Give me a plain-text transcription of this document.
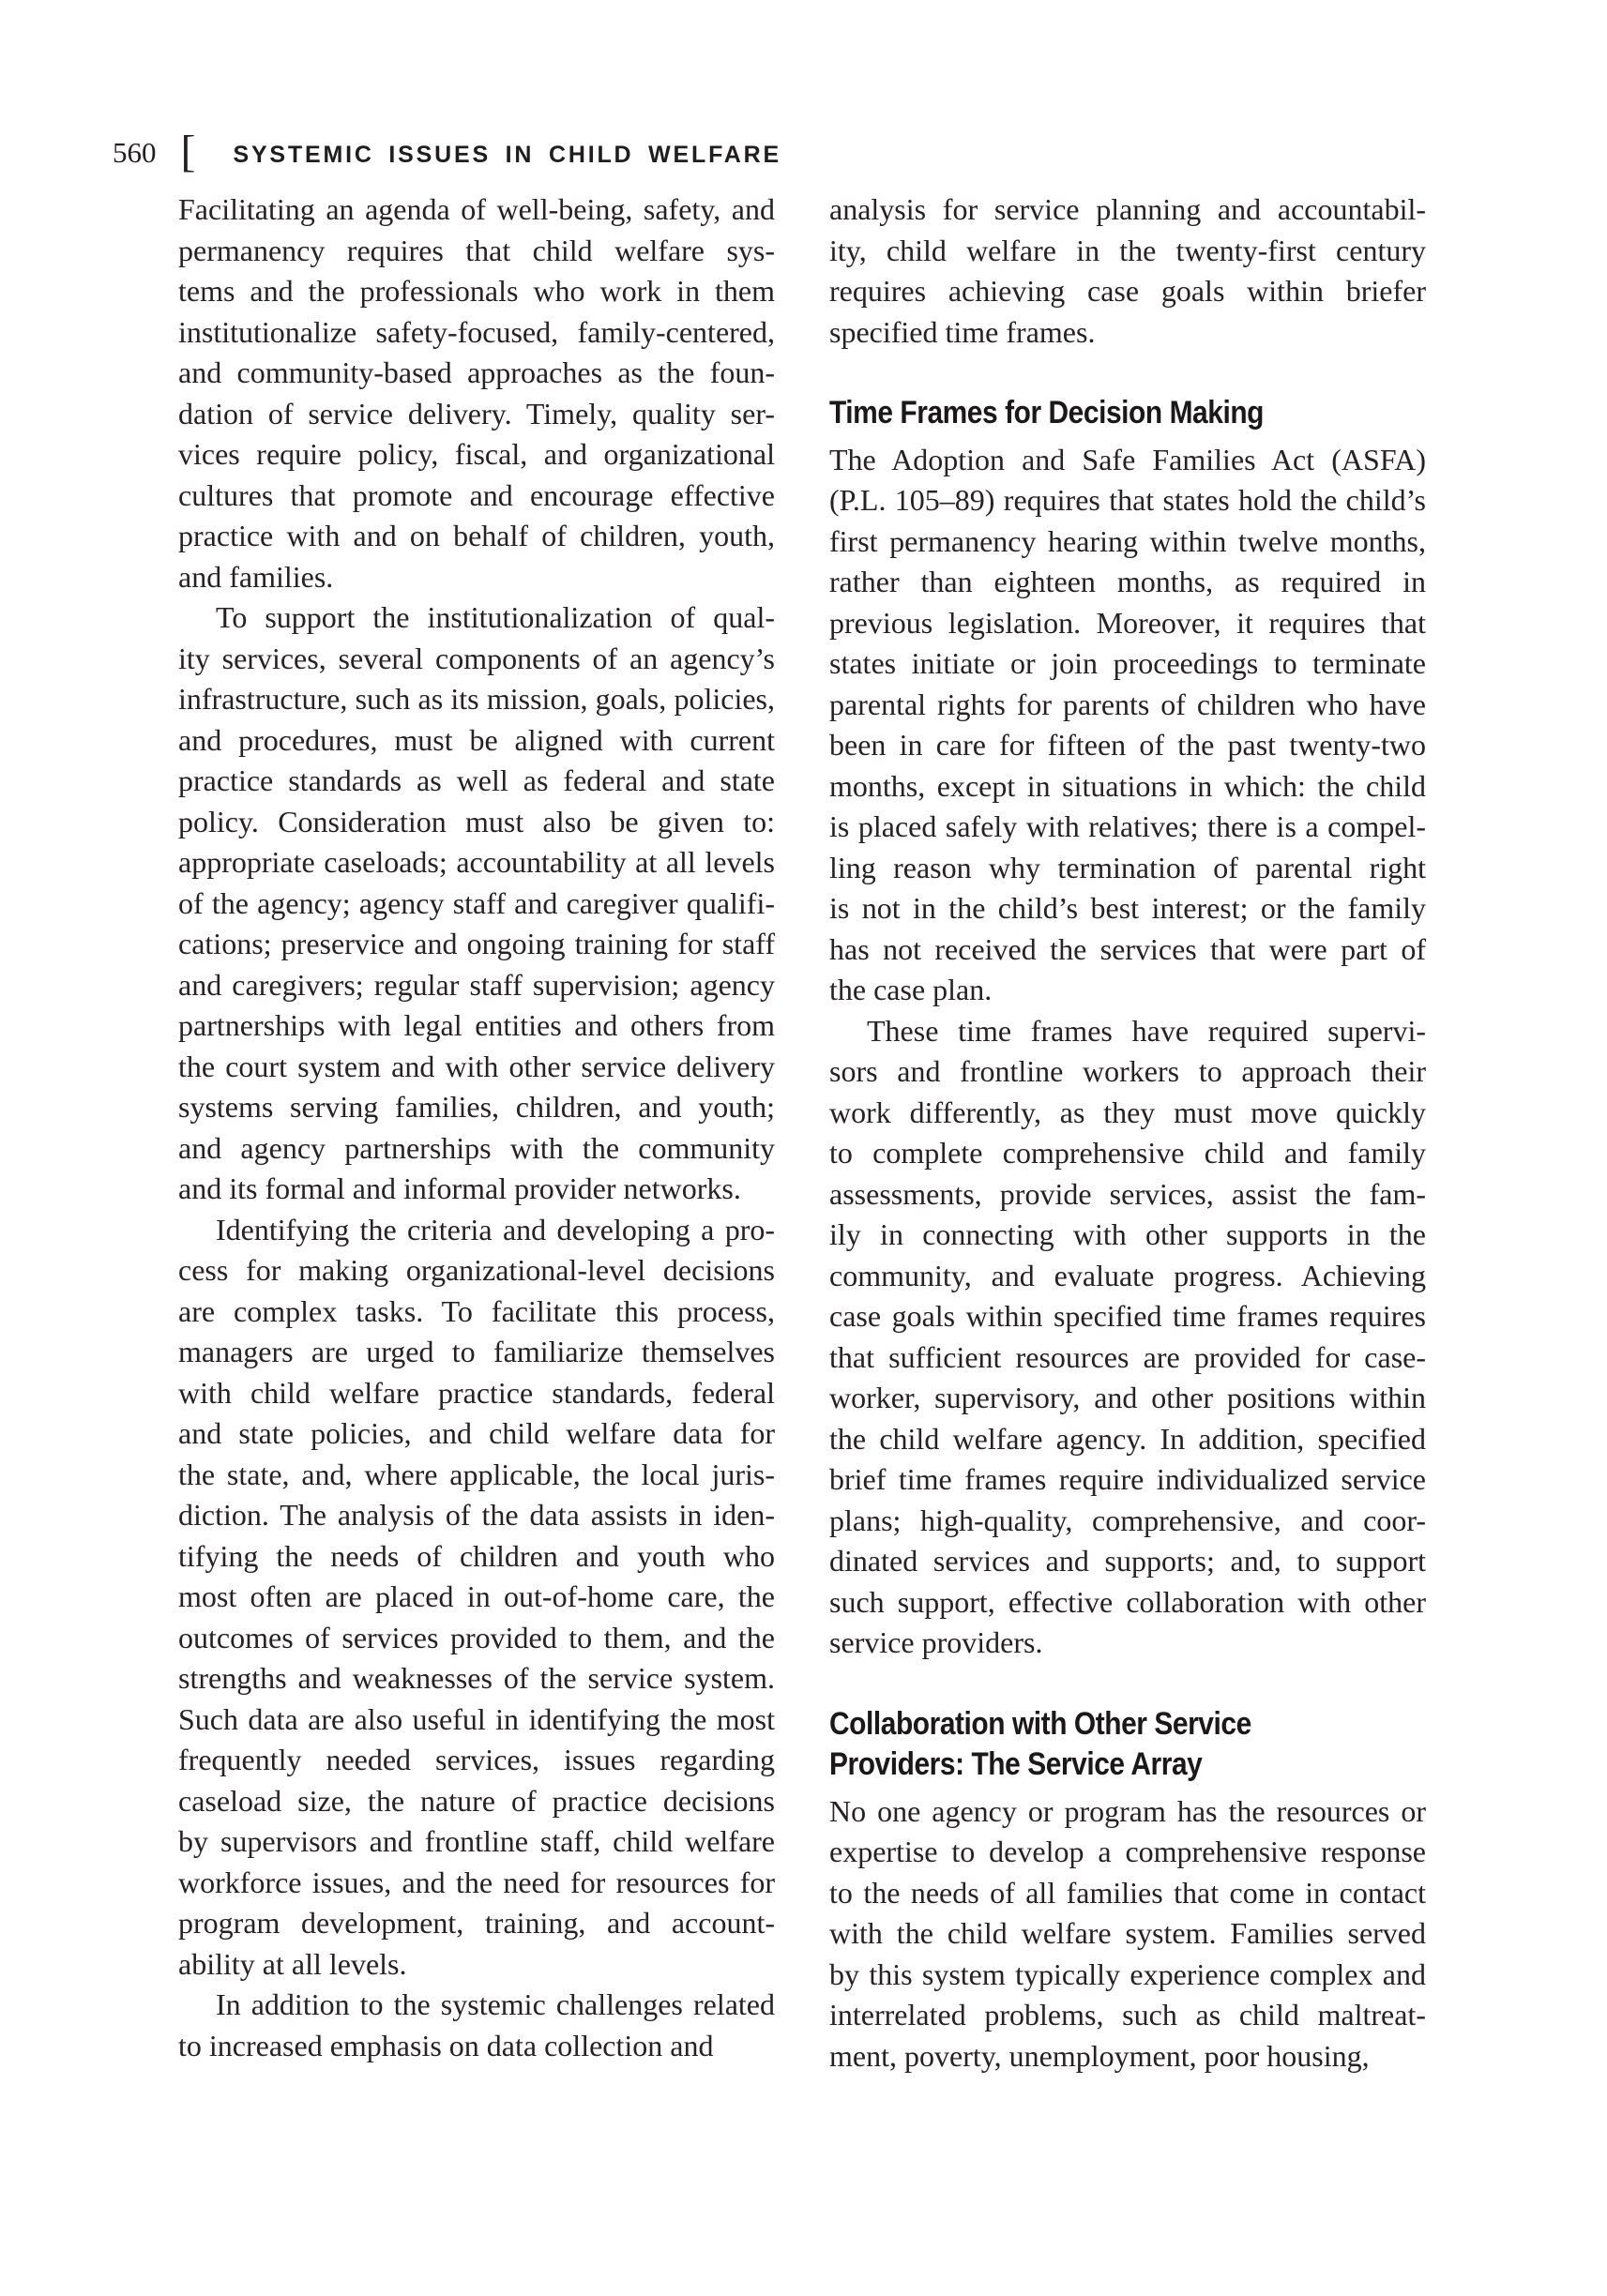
560 [ SYSTEMIC ISSUES IN CHILD WELFARE
Facilitating an agenda of well-being, safety, and
permanency requires that child welfare sys-
tems and the professionals who work in them
institutionalize safety-focused, family-centered,
and community-based approaches as the foun-
dation of service delivery. Timely, quality ser-
vices require policy, fiscal, and organizational
cultures that promote and encourage effective
practice with and on behalf of children, youth,
and families.
To support the institutionalization of qual-
ity services, several components of an agency’s
infrastructure, such as its mission, goals, policies,
and procedures, must be aligned with current
practice standards as well as federal and state
policy. Consideration must also be given to:
appropriate caseloads; accountability at all levels
of the agency; agency staff and caregiver qualifi-
cations; preservice and ongoing training for staff
and caregivers; regular staff supervision; agency
partnerships with legal entities and others from
the court system and with other service delivery
systems serving families, children, and youth;
and agency partnerships with the community
and its formal and informal provider networks.
Identifying the criteria and developing a pro-
cess for making organizational-level decisions
are complex tasks. To facilitate this process,
managers are urged to familiarize themselves
with child welfare practice standards, federal
and state policies, and child welfare data for
the state, and, where applicable, the local juris-
diction. The analysis of the data assists in iden-
tifying the needs of children and youth who
most often are placed in out-of-home care, the
outcomes of services provided to them, and the
strengths and weaknesses of the service system.
Such data are also useful in identifying the most
frequently needed services, issues regarding
caseload size, the nature of practice decisions
by supervisors and frontline staff, child welfare
workforce issues, and the need for resources for
program development, training, and account-
ability at all levels.
In addition to the systemic challenges related
to increased emphasis on data collection and
analysis for service planning and accountabil-
ity, child welfare in the twenty-first century
requires achieving case goals within briefer
specified time frames.
Time Frames for Decision Making
The Adoption and Safe Families Act (ASFA)
(P.L. 105–89) requires that states hold the child’s
first permanency hearing within twelve months,
rather than eighteen months, as required in
previous legislation. Moreover, it requires that
states initiate or join proceedings to terminate
parental rights for parents of children who have
been in care for fifteen of the past twenty-two
months, except in situations in which: the child
is placed safely with relatives; there is a compel-
ling reason why termination of parental right
is not in the child’s best interest; or the family
has not received the services that were part of
the case plan.
These time frames have required supervi-
sors and frontline workers to approach their
work differently, as they must move quickly
to complete comprehensive child and family
assessments, provide services, assist the fam-
ily in connecting with other supports in the
community, and evaluate progress. Achieving
case goals within specified time frames requires
that sufficient resources are provided for case-
worker, supervisory, and other positions within
the child welfare agency. In addition, specified
brief time frames require individualized service
plans; high-quality, comprehensive, and coor-
dinated services and supports; and, to support
such support, effective collaboration with other
service providers.
Collaboration with Other Service
Providers: The Service Array
No one agency or program has the resources or
expertise to develop a comprehensive response
to the needs of all families that come in contact
with the child welfare system. Families served
by this system typically experience complex and
interrelated problems, such as child maltreat-
ment, poverty, unemployment, poor housing,
